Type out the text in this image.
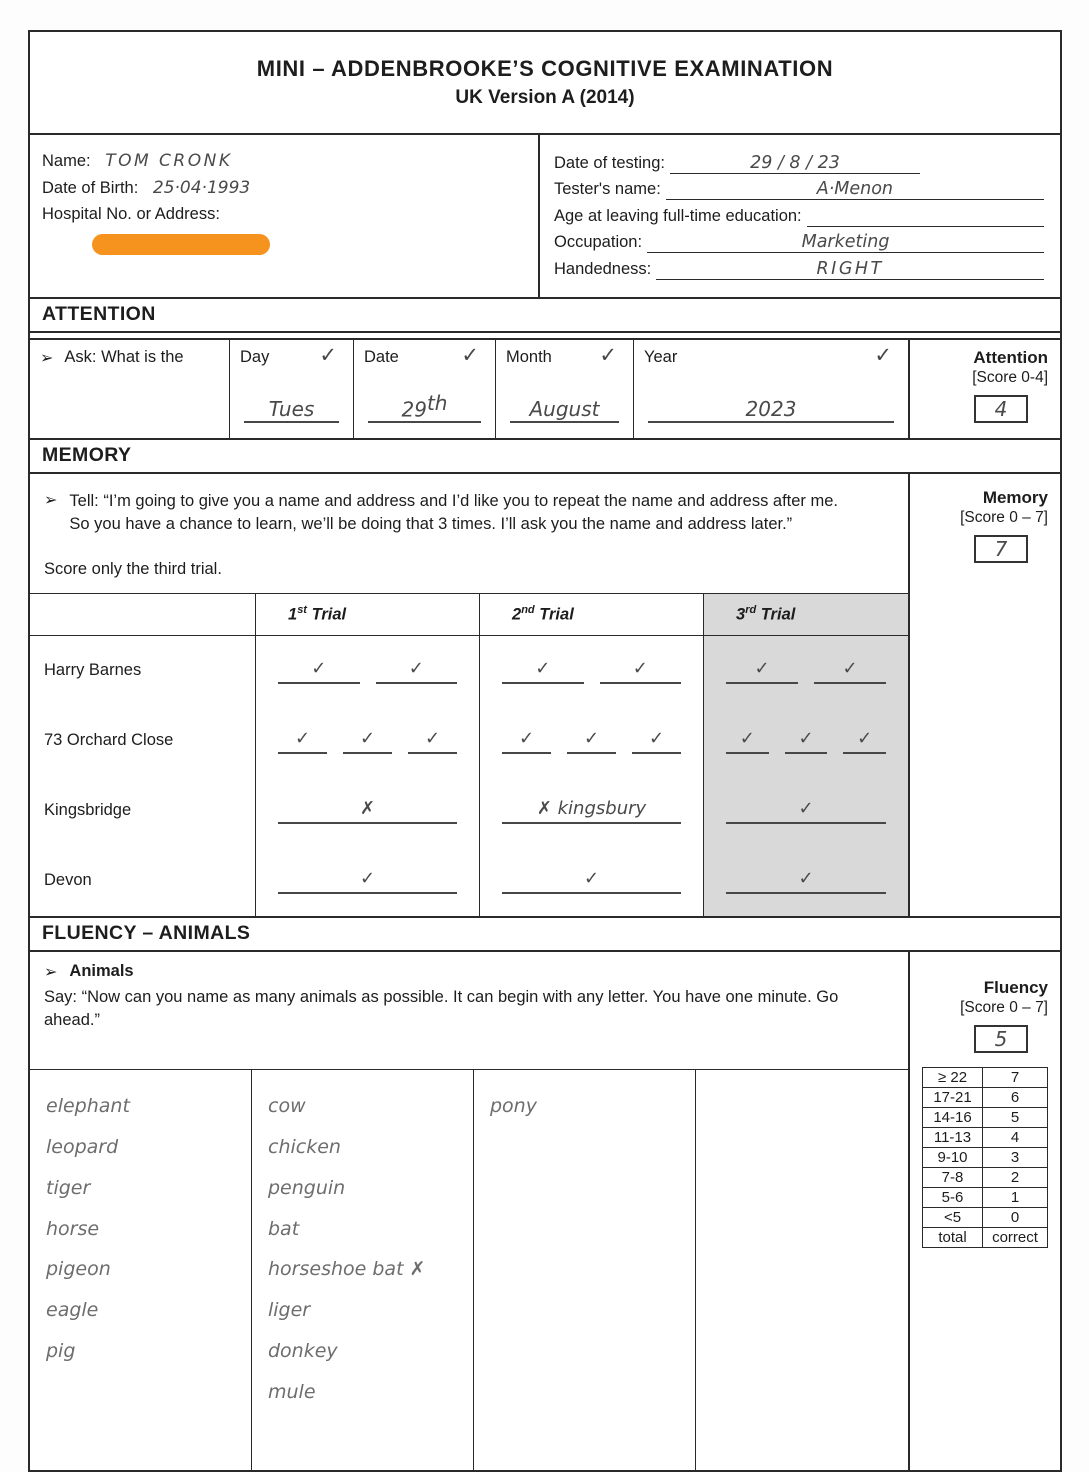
MINI – ADDENBROOKE’S COGNITIVE EXAMINATION
UK Version A (2014)
Name: TOM CRONK
Date of Birth: 25·04·1993
Hospital No. or Address:
Date of testing:	29 / 8 / 23
Tester's name:	A·Menon
Age at leaving full-time education:
Occupation:	Marketing
Handedness:	RIGHT
ATTENTION
➢ Ask: What is the	Day ✓
Tues
Date	✓
29th
Month ✓
August
Year	✓
2023
Attention
[Score 0-4]
4
MEMORY
➢ Tell: “I’m going to give you a name and address and I’d like you to repeat the name and address after me. So you have a chance to learn, we’ll be doing that 3 times. I’ll ask you the name and address later.”

Score only the third trial.

1st Trial	2nd Trial	3rd Trial
Harry Barnes	✓	✓	✓	✓	✓	✓
73 Orchard Close	✓	✓	✓	✓	✓	✓	✓	✓	✓
Kingsbridge	✗	✗ kingsbury	✓
Devon	✓	✓	✓
Memory
[Score 0 – 7]
7
FLUENCY – ANIMALS
➢ Animals

Say: “Now can you name as many animals as possible. It can begin with any letter. You have one minute. Go ahead.”

elephant
leopard
tiger
horse
pigeon
eagle
pig
cow
chicken
penguin
bat
horseshoe bat ✗
liger
donkey
mule
pony
Fluency
[Score 0 – 7]
5
≥ 22	7
17-21	6
14-16	5
11-13	4
9-10	3
7-8	2
5-6	1
<5	0
total	correct
